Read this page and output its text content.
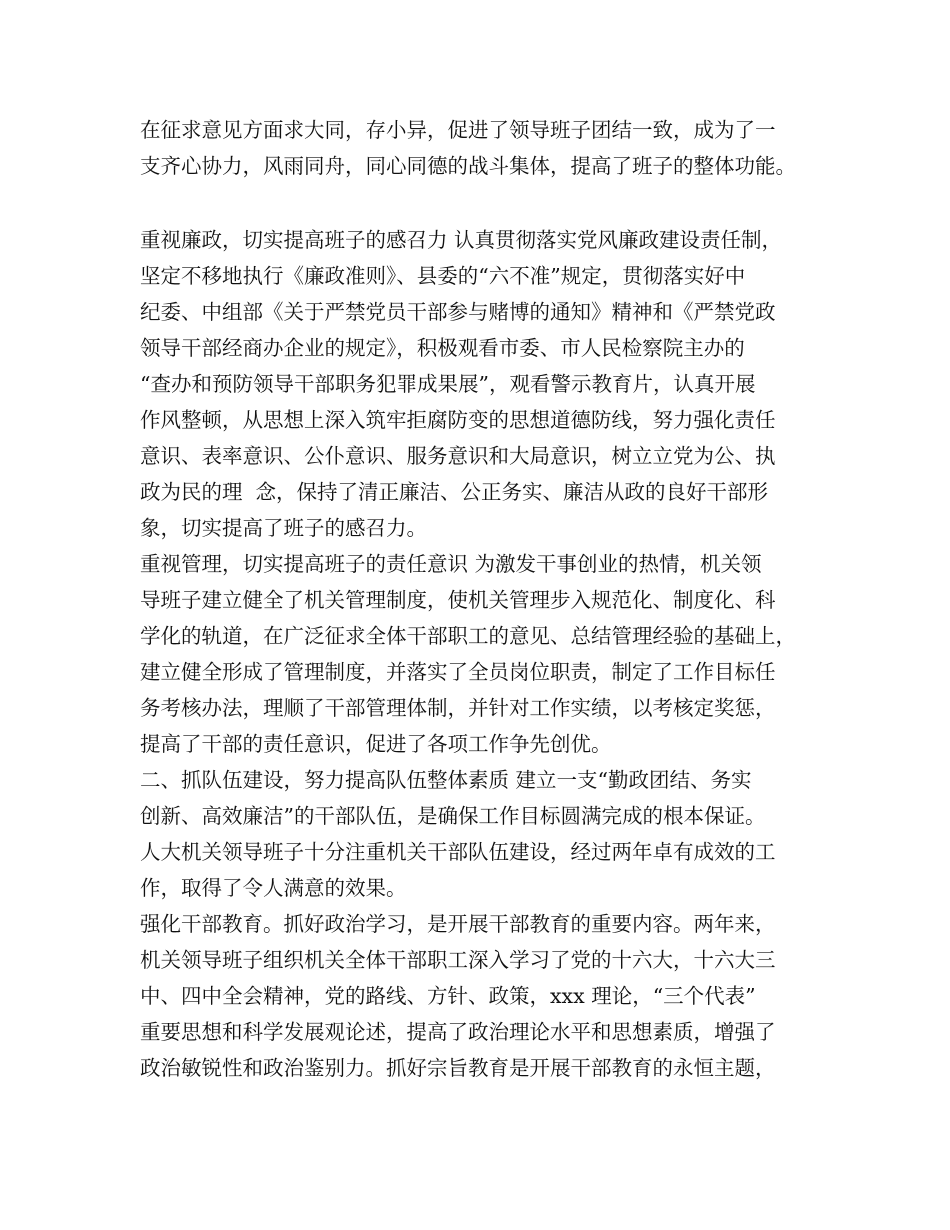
在征求意见方面求大同，存小异，促进了领导班子团结一致，成为了一
支齐心协力，风雨同舟，同心同德的战斗集体，提高了班子的整体功能。
重视廉政，切实提高班子的感召力 认真贯彻落实党风廉政建设责任制，
坚定不移地执行《廉政准则》、县委的“六不准”规定，贯彻落实好中
纪委、中组部《关于严禁党员干部参与赌博的通知》精神和《严禁党政
领导干部经商办企业的规定》，积极观看市委、市人民检察院主办的
“查办和预防领导干部职务犯罪成果展”，观看警示教育片，认真开展
作风整顿，从思想上深入筑牢拒腐防变的思想道德防线，努力强化责任
意识、表率意识、公仆意识、服务意识和大局意识，树立立党为公、执
政为民的理  念，保持了清正廉洁、公正务实、廉洁从政的良好干部形
象，切实提高了班子的感召力。
重视管理，切实提高班子的责任意识 为激发干事创业的热情，机关领
导班子建立健全了机关管理制度，使机关管理步入规范化、制度化、科
学化的轨道，在广泛征求全体干部职工的意见、总结管理经验的基础上，
建立健全形成了管理制度，并落实了全员岗位职责，制定了工作目标任
务考核办法，理顺了干部管理体制，并针对工作实绩，以考核定奖惩，
提高了干部的责任意识，促进了各项工作争先创优。
二、抓队伍建设，努力提高队伍整体素质 建立一支“勤政团结、务实
创新、高效廉洁”的干部队伍，是确保工作目标圆满完成的根本保证。
人大机关领导班子十分注重机关干部队伍建设，经过两年卓有成效的工
作，取得了令人满意的效果。
强化干部教育。抓好政治学习，是开展干部教育的重要内容。两年来，
机关领导班子组织机关全体干部职工深入学习了党的十六大，十六大三
中、四中全会精神，党的路线、方针、政策，xxx 理论，“三个代表”
重要思想和科学发展观论述，提高了政治理论水平和思想素质，增强了
政治敏锐性和政治鉴别力。抓好宗旨教育是开展干部教育的永恒主题，
